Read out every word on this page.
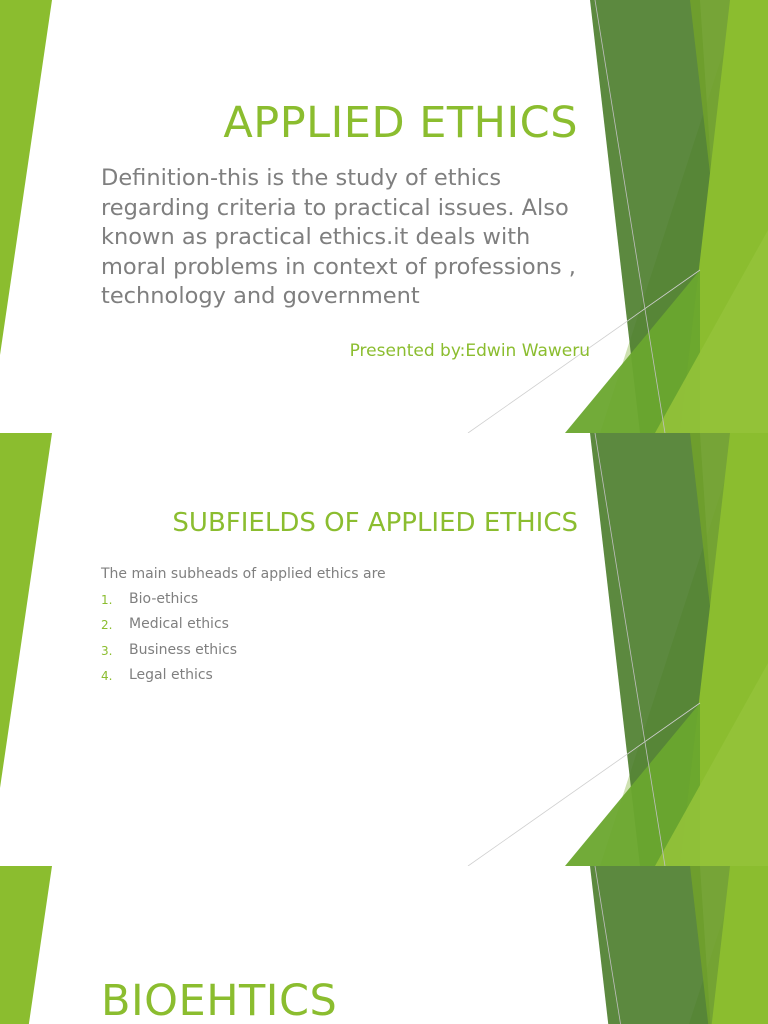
APPLIED ETHICS

Definition-this is the study of ethics regarding criteria to practical issues. Also known as practical ethics.it deals with moral problems in context of professions , technology and government

Presented by:Edwin Waweru

SUBFIELDS OF APPLIED ETHICS

The main subheads of applied ethics are

1.	Bio-ethics
2.	Medical ethics
3.	Business ethics
4.	Legal ethics
BIOEHTICS
